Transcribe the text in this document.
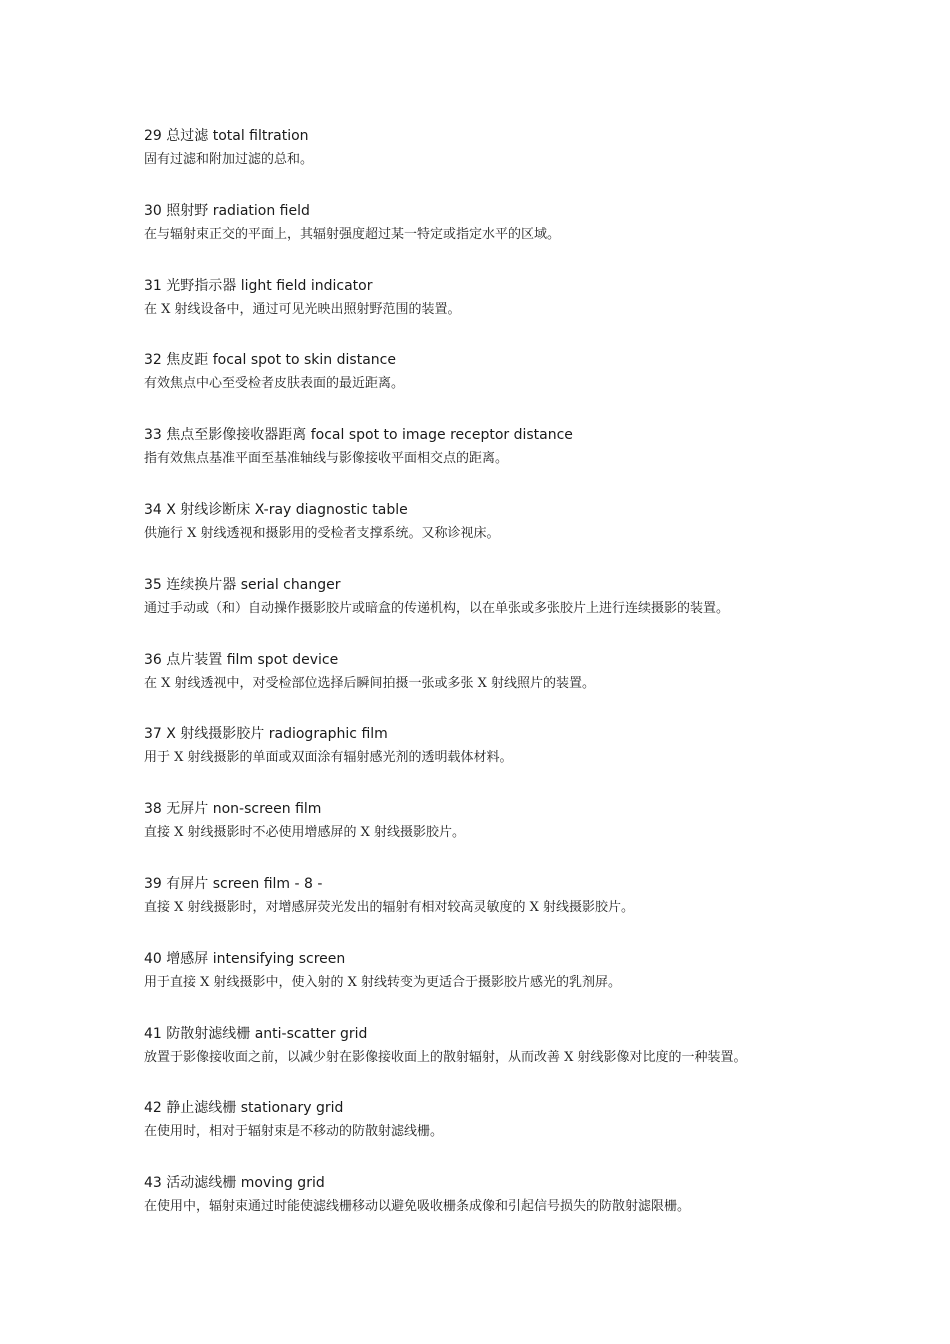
29 总过滤 total filtration
固有过滤和附加过滤的总和。
30 照射野 radiation field
在与辐射束正交的平面上，其辐射强度超过某一特定或指定水平的区域。
31 光野指示器 light field indicator
在 X 射线设备中，通过可见光映出照射野范围的装置。
32 焦皮距 focal spot to skin distance
有效焦点中心至受检者皮肤表面的最近距离。
33 焦点至影像接收器距离 focal spot to image receptor distance
指有效焦点基准平面至基准轴线与影像接收平面相交点的距离。
34 X 射线诊断床 X-ray diagnostic table
供施行 X 射线透视和摄影用的受检者支撑系统。又称诊视床。
35 连续换片器 serial changer
通过手动或（和）自动操作摄影胶片或暗盒的传递机构，以在单张或多张胶片上进行连续摄影的装置。
36 点片装置 film spot device
在 X 射线透视中，对受检部位选择后瞬间拍摄一张或多张 X 射线照片的装置。
37 X 射线摄影胶片 radiographic film
用于 X 射线摄影的单面或双面涂有辐射感光剂的透明载体材料。
38 无屏片 non-screen film
直接 X 射线摄影时不必使用增感屏的 X 射线摄影胶片。
39 有屏片 screen film - 8 -
直接 X 射线摄影时，对增感屏荧光发出的辐射有相对较高灵敏度的 X 射线摄影胶片。
40 增感屏 intensifying screen
用于直接 X 射线摄影中，使入射的 X 射线转变为更适合于摄影胶片感光的乳剂屏。
41 防散射滤线栅 anti-scatter grid
放置于影像接收面之前，以减少射在影像接收面上的散射辐射，从而改善 X 射线影像对比度的一种装置。
42 静止滤线栅 stationary grid
在使用时，相对于辐射束是不移动的防散射滤线栅。
43 活动滤线栅 moving grid
在使用中，辐射束通过时能使滤线栅移动以避免吸收栅条成像和引起信号损失的防散射滤限栅。
